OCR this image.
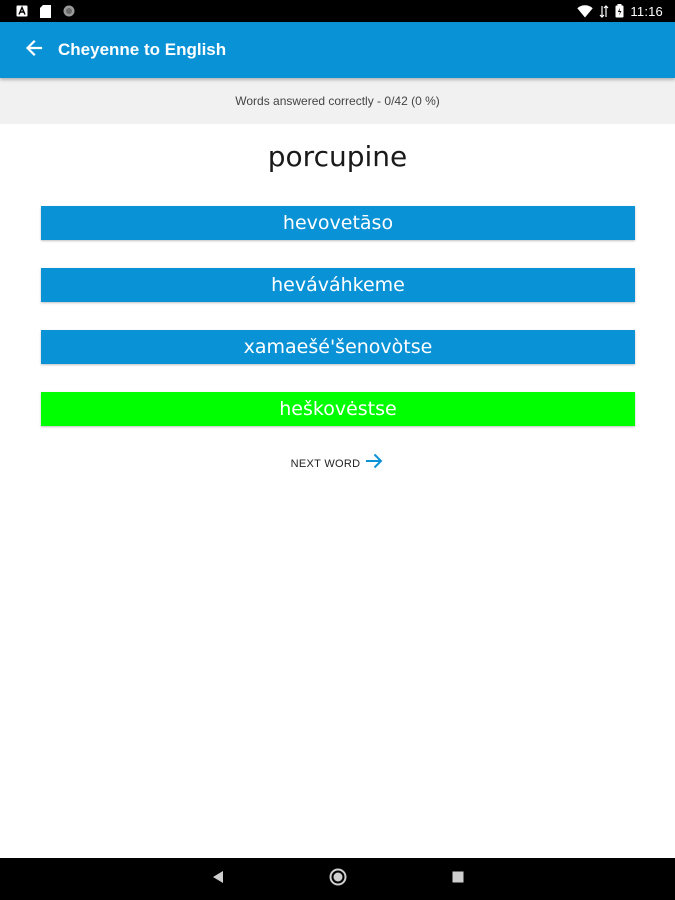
11:16
Cheyenne to English
Words answered correctly - 0/42 (0 %)
porcupine
hevovetāso
heváváhkeme
xamaešé'šenovòtse
heškovėstse
NEXT WORD
